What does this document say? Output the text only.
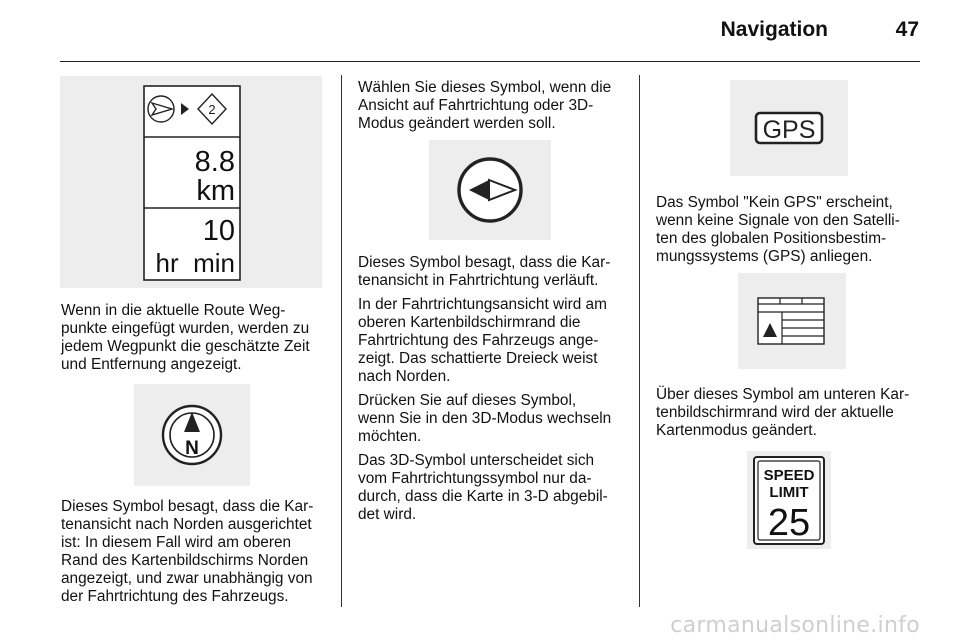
Navigation	47
2
8.8
km
10
hr  min

Wenn in die aktuelle Route Weg-
punkte eingefügt wurden, werden zu
jedem Wegpunkt die geschätzte Zeit
und Entfernung angezeigt.

N

Dieses Symbol besagt, dass die Kar-
tenansicht nach Norden ausgerichtet
ist: In diesem Fall wird am oberen
Rand des Kartenbildschirms Norden
angezeigt, und zwar unabhängig von
der Fahrtrichtung des Fahrzeugs.

Wählen Sie dieses Symbol, wenn die
Ansicht auf Fahrtrichtung oder 3D-
Modus geändert werden soll.

Dieses Symbol besagt, dass die Kar-
tenansicht in Fahrtrichtung verläuft.

In der Fahrtrichtungsansicht wird am
oberen Kartenbildschirmrand die
Fahrtrichtung des Fahrzeugs ange-
zeigt. Das schattierte Dreieck weist
nach Norden.

Drücken Sie auf dieses Symbol,
wenn Sie in den 3D-Modus wechseln
möchten.

Das 3D-Symbol unterscheidet sich
vom Fahrtrichtungssymbol nur da-
durch, dass die Karte in 3-D abgebil-
det wird.

GPS

Das Symbol "Kein GPS" erscheint,
wenn keine Signale von den Satelli-
ten des globalen Positionsbestim-
mungssystems (GPS) anliegen.

Über dieses Symbol am unteren Kar-
tenbildschirmrand wird der aktuelle
Kartenmodus geändert.

SPEED
LIMIT
25
carmanualsonline.info
